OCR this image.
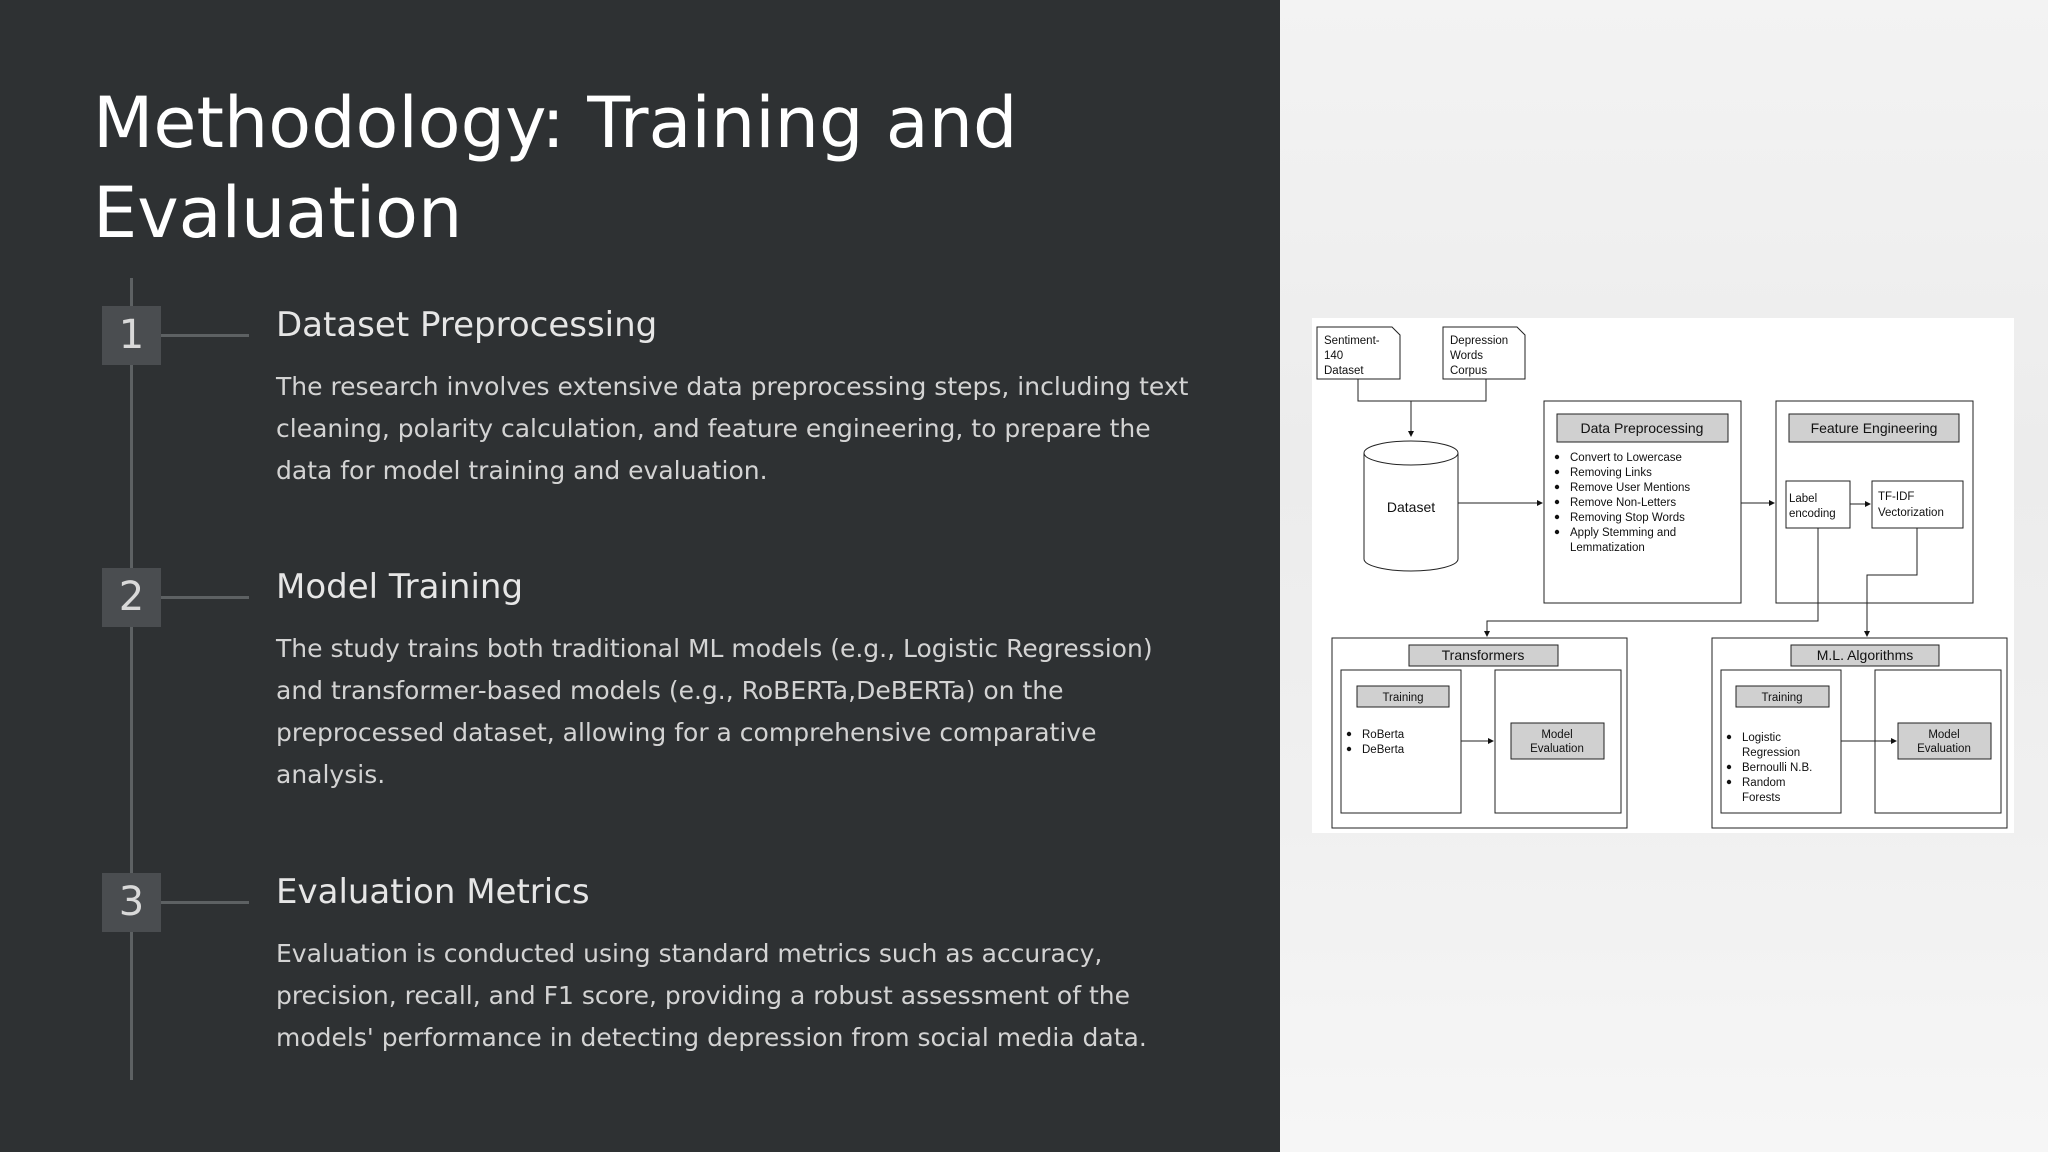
Methodology: Training and Evaluation
1	Dataset Preprocessing
The research involves extensive data preprocessing steps, including text cleaning, polarity calculation, and feature engineering, to prepare the data for model training and evaluation.
2	Model Training
The study trains both traditional ML models (e.g., Logistic Regression) and transformer-based models (e.g., RoBERTa,DeBERTa) on the preprocessed dataset, allowing for a comprehensive comparative analysis.
3	Evaluation Metrics
Evaluation is conducted using standard metrics such as accuracy, precision, recall, and F1 score, providing a robust assessment of the models' performance in detecting depression from social media data.
Sentiment-
140
Dataset
Depression
Words
Corpus
Dataset
Data Preprocessing
Convert to Lowercase
Removing Links
Remove User Mentions
Remove Non-Letters
Removing Stop Words
Apply Stemming and
Lemmatization
Feature Engineering
Label
encoding
TF-IDF
Vectorization
Transformers
Training
RoBerta
DeBerta
Model
Evaluation
M.L. Algorithms
Training
Logistic
Regression
Bernoulli N.B.
Random
Forests
Model
Evaluation
